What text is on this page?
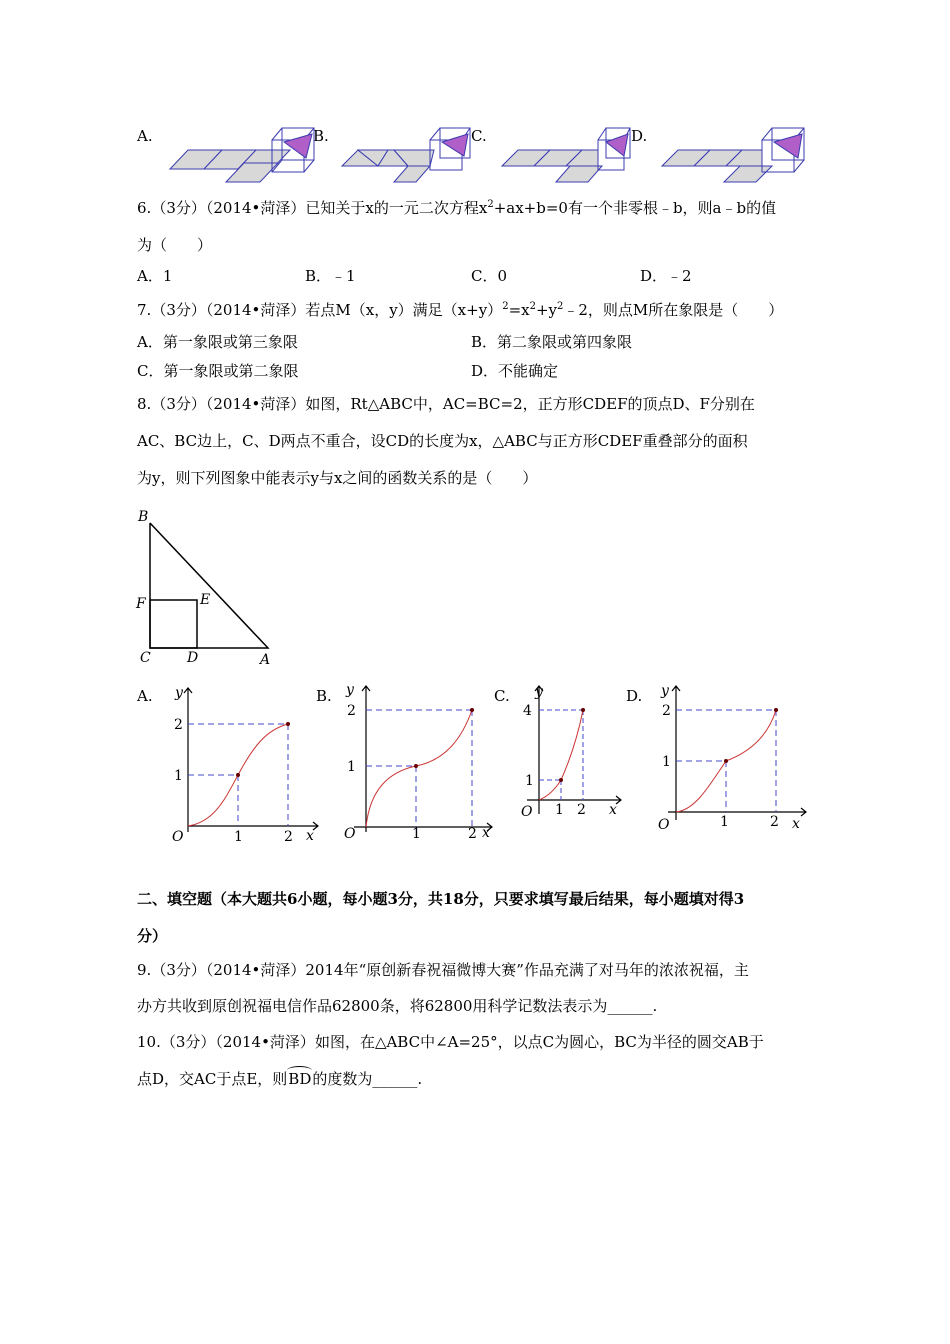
A.	B.	C.	D.
6.（3分）（2014•菏泽）已知关于x的一元二次方程$x^2+ax+b=0$有一个非零根﹣b，则a﹣b的值
为（　　）
A．1	B．﹣1	C．0	D．﹣2
7.（3分）（2014•菏泽）若点M（x，y）满足$(x+y)^2=x^2+y^2﹣2$，则点M所在象限是（　　）
A．第一象限或第三象限	B．第二象限或第四象限
C．第一象限或第二象限	D．不能确定
8.（3分）（2014•菏泽）如图，Rt△ABC中，AC=BC=2，正方形CDEF的顶点D、F分别在
AC、BC边上，C、D两点不重合，设CD的长度为x，△ABC与正方形CDEF重叠部分的面积
为y，则下列图象中能表示y与x之间的函数关系的是（　　）
B
E
F
C	D	A
A.	B.	C.	D.
y
x
O	1	2
1
2
y
x
O	1	2
1
2
y
x
O 1 2
1
4
y
x
O	1	2
1
2
二、填空题（本大题共6小题，每小题3分，共18分，只要求填写最后结果，每小题填对得3
分）
9.（3分）（2014•菏泽）2014年“原创新春祝福微博大赛”作品充满了对马年的浓浓祝福，主
办方共收到原创祝福电信作品62800条，将62800用科学记数法表示为______.
10.（3分）（2014•菏泽）如图，在△ABC中∠A=25°，以点C为圆心，BC为半径的圆交AB于
点D，交AC于点E，则BD的度数为______.
